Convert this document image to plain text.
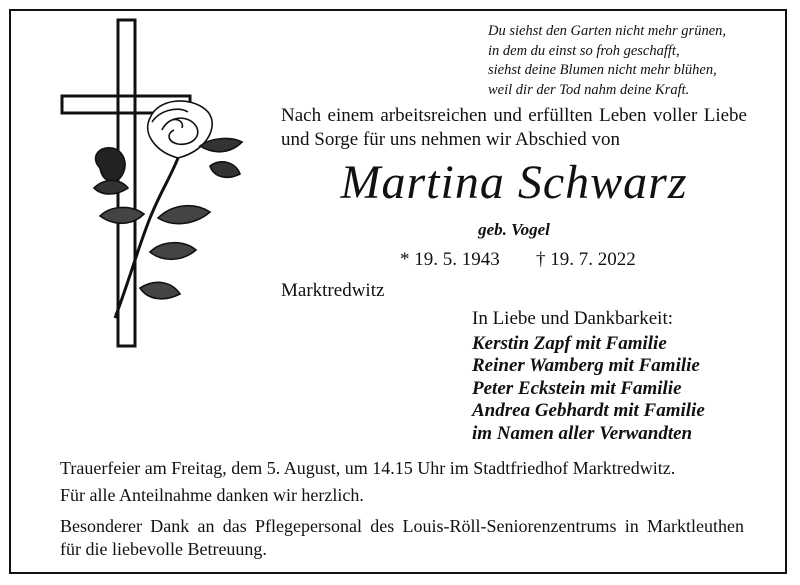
Du siehst den Garten nicht mehr grünen,
in dem du einst so froh geschafft,
siehst deine Blumen nicht mehr blühen,
weil dir der Tod nahm deine Kraft.
Nach einem arbeitsreichen und erfüllten Leben voller Liebe
und Sorge für uns nehmen wir Abschied von
Martina Schwarz
geb. Vogel
* 19. 5. 1943 † 19. 7. 2022
Marktredwitz
In Liebe und Dankbarkeit:
Kerstin Zapf mit Familie
Reiner Wamberg mit Familie
Peter Eckstein mit Familie
Andrea Gebhardt mit Familie
im Namen aller Verwandten
Trauerfeier am Freitag, dem 5. August, um 14.15 Uhr im Stadtfriedhof Marktredwitz.
Für alle Anteilnahme danken wir herzlich.
Besonderer Dank an das Pflegepersonal des Louis-Röll-Seniorenzentrums in Marktleuthen
für die liebevolle Betreuung.
